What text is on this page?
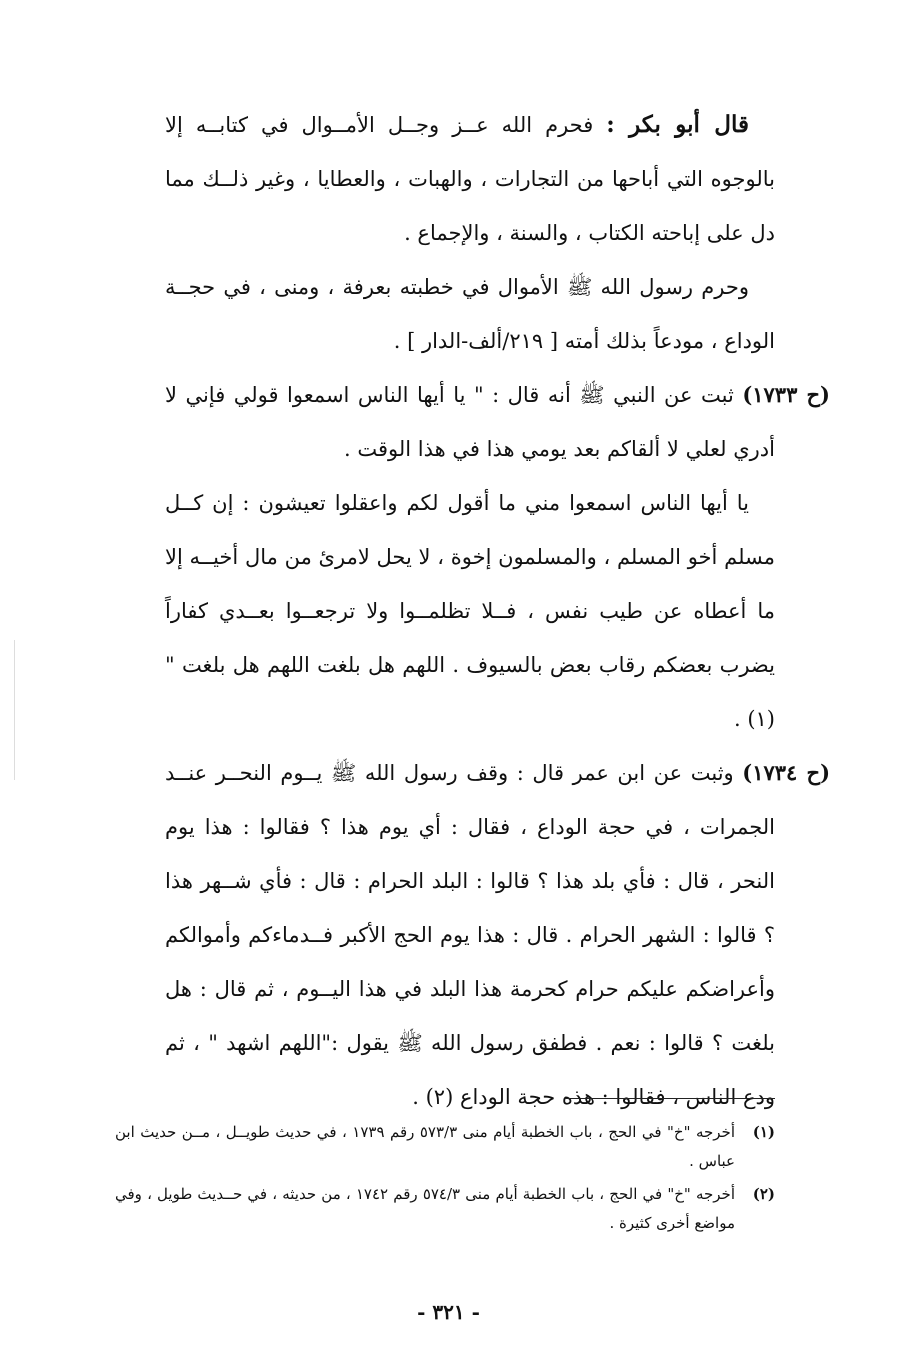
قال أبو بكر : فحرم الله عــز وجــل الأمــوال في كتابــه إلا بالوجوه التي أباحها من التجارات ، والهبات ، والعطايا ، وغير ذلــك مما دل على إباحته الكتاب ، والسنة ، والإجماع .

وحرم رسول الله ﷺ الأموال في خطبته بعرفة ، ومنى ، في حجــة الوداع ، مودعاً بذلك أمته [ ٢١٩/ألف-الدار ] .

(ح ١٧٣٣) ثبت عن النبي ﷺ أنه قال : " يا أيها الناس اسمعوا قولي فإني لا أدري لعلي لا ألقاكم بعد يومي هذا في هذا الوقت .

يا أيها الناس اسمعوا مني ما أقول لكم واعقلوا تعيشون : إن كــل مسلم أخو المسلم ، والمسلمون إخوة ، لا يحل لامرئ من مال أخيــه إلا ما أعطاه عن طيب نفس ، فــلا تظلمــوا ولا ترجعــوا بعــدي كفاراً يضرب بعضكم رقاب بعض بالسيوف . اللهم هل بلغت اللهم هل بلغت " (١) .

(ح ١٧٣٤) وثبت عن ابن عمر قال : وقف رسول الله ﷺ يــوم النحــر عنــد الجمرات ، في حجة الوداع ، فقال : أي يوم هذا ؟ فقالوا : هذا يوم النحر ، قال : فأي بلد هذا ؟ قالوا : البلد الحرام : قال : فأي شــهر هذا ؟ قالوا : الشهر الحرام . قال : هذا يوم الحج الأكبر فــدماءكم وأموالكم وأعراضكم عليكم حرام كحرمة هذا البلد في هذا اليــوم ، ثم قال : هل بلغت ؟ قالوا : نعم . فطفق رسول الله ﷺ يقول :"اللهم اشهد " ، ثم ودع الناس ، فقالوا : هذه حجة الوداع (٢) .

(١)
أخرجه "خ" في الحج ، باب الخطبة أيام منى ٥٧٣/٣ رقم ١٧٣٩ ، في حديث طويــل ، مــن حديث ابن عباس .

(٢)
أخرجه "خ" في الحج ، باب الخطبة أيام منى ٥٧٤/٣ رقم ١٧٤٢ ، من حديثه ، في حــديث طويل ، وفي مواضع أخرى كثيرة .

- ٣٢١ -
